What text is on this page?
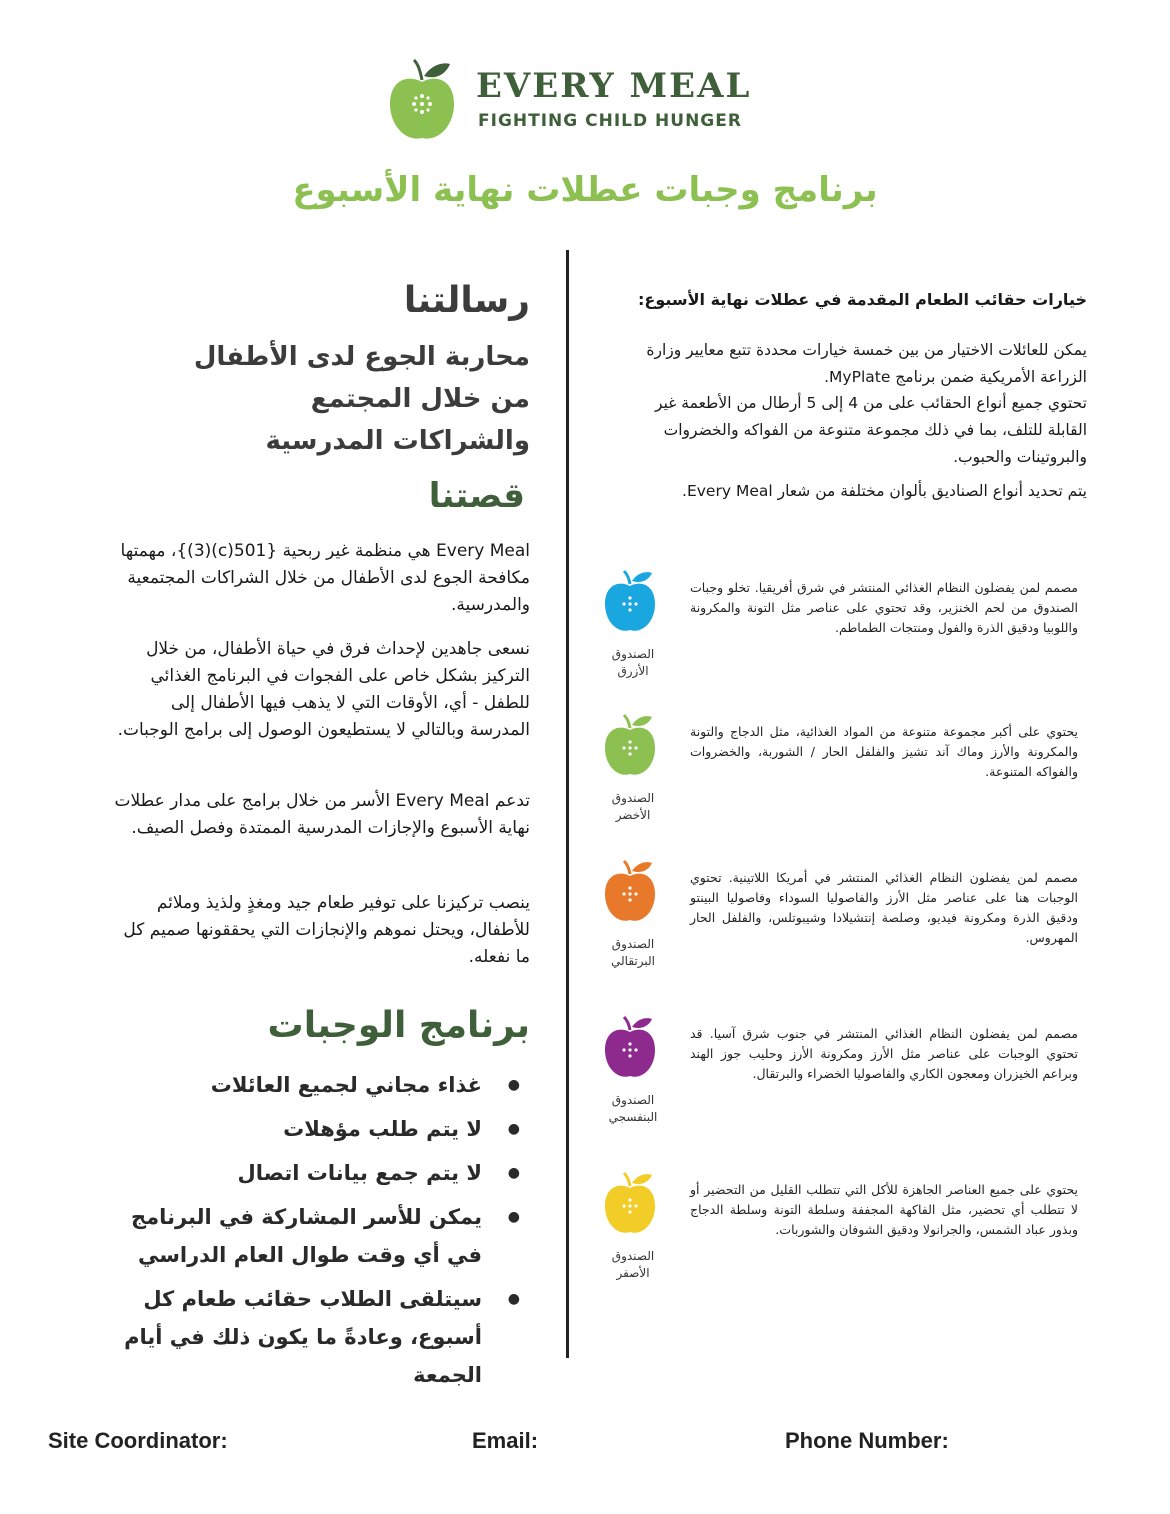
EVERY MEAL
FIGHTING CHILD HUNGER
برنامج وجبات عطلات نهاية الأسبوع
رسالتنا
محاربة الجوع لدى الأطفال
من خلال المجتمع
والشراكات المدرسية
قصتنا
Every Meal هي منظمة غير ربحية {501(c)(3)}، مهمتها مكافحة الجوع لدى الأطفال من خلال الشراكات المجتمعية والمدرسية.
نسعى جاهدين لإحداث فرق في حياة الأطفال، من خلال التركيز بشكل خاص على الفجوات في البرنامج الغذائي للطفل - أي، الأوقات التي لا يذهب فيها الأطفال إلى المدرسة وبالتالي لا يستطيعون الوصول إلى برامج الوجبات.
تدعم Every Meal الأسر من خلال برامج على مدار عطلات نهاية الأسبوع والإجازات المدرسية الممتدة وفصل الصيف.
ينصب تركيزنا على توفير طعام جيد ومغذٍ ولذيذ وملائم للأطفال، ويحتل نموهم والإنجازات التي يحققونها صميم كل ما نفعله.
برنامج الوجبات
● غذاء مجاني لجميع العائلات
● لا يتم طلب مؤهلات
● لا يتم جمع بيانات اتصال
● يمكن للأسر المشاركة في البرنامج في أي وقت طوال العام الدراسي
● سيتلقى الطلاب حقائب طعام كل أسبوع، وعادةً ما يكون ذلك في أيام الجمعة
خيارات حقائب الطعام المقدمة في عطلات نهاية الأسبوع:
يمكن للعائلات الاختيار من بين خمسة خيارات محددة تتبع معايير وزارة الزراعة الأمريكية ضمن برنامج MyPlate.
تحتوي جميع أنواع الحقائب على من 4 إلى 5 أرطال من الأطعمة غير القابلة للتلف، بما في ذلك مجموعة متنوعة من الفواكه والخضروات والبروتينات والحبوب.
يتم تحديد أنواع الصناديق بألوان مختلفة من شعار Every Meal.
الصندوق الأزرق
مصمم لمن يفضلون النظام الغذائي المنتشر في شرق أفريقيا. تخلو وجبات الصندوق من لحم الخنزير، وقد تحتوي على عناصر مثل التونة والمكرونة واللوبيا ودقيق الذرة والفول ومنتجات الطماطم.
الصندوق الأخضر
يحتوي على أكبر مجموعة متنوعة من المواد الغذائية، مثل الدجاج والتونة والمكرونة والأرز وماك آند تشيز والفلفل الحار / الشوربة، والخضروات والفواكه المتنوعة.
الصندوق البرتقالي
مصمم لمن يفضلون النظام الغذائي المنتشر في أمريكا اللاتينية. تحتوي الوجبات هنا على عناصر مثل الأرز والفاصوليا السوداء وفاصوليا البينتو ودقيق الذرة ومكرونة فيديو، وصلصة إنتشيلادا وشيبوتلس، والفلفل الحار المهروس.
الصندوق البنفسجي
مصمم لمن يفضلون النظام الغذائي المنتشر في جنوب شرق آسيا. قد تحتوي الوجبات على عناصر مثل الأرز ومكرونة الأرز وحليب جوز الهند وبراعم الخيزران ومعجون الكاري والفاصوليا الخضراء والبرتقال.
الصندوق الأصفر
يحتوي على جميع العناصر الجاهزة للأكل التي تتطلب القليل من التحضير أو لا تتطلب أي تحضير، مثل الفاكهة المجففة وسلطة التونة وسلطة الدجاج وبذور عباد الشمس، والجرانولا ودقيق الشوفان والشوربات.
Site Coordinator:	Email:	Phone Number:
